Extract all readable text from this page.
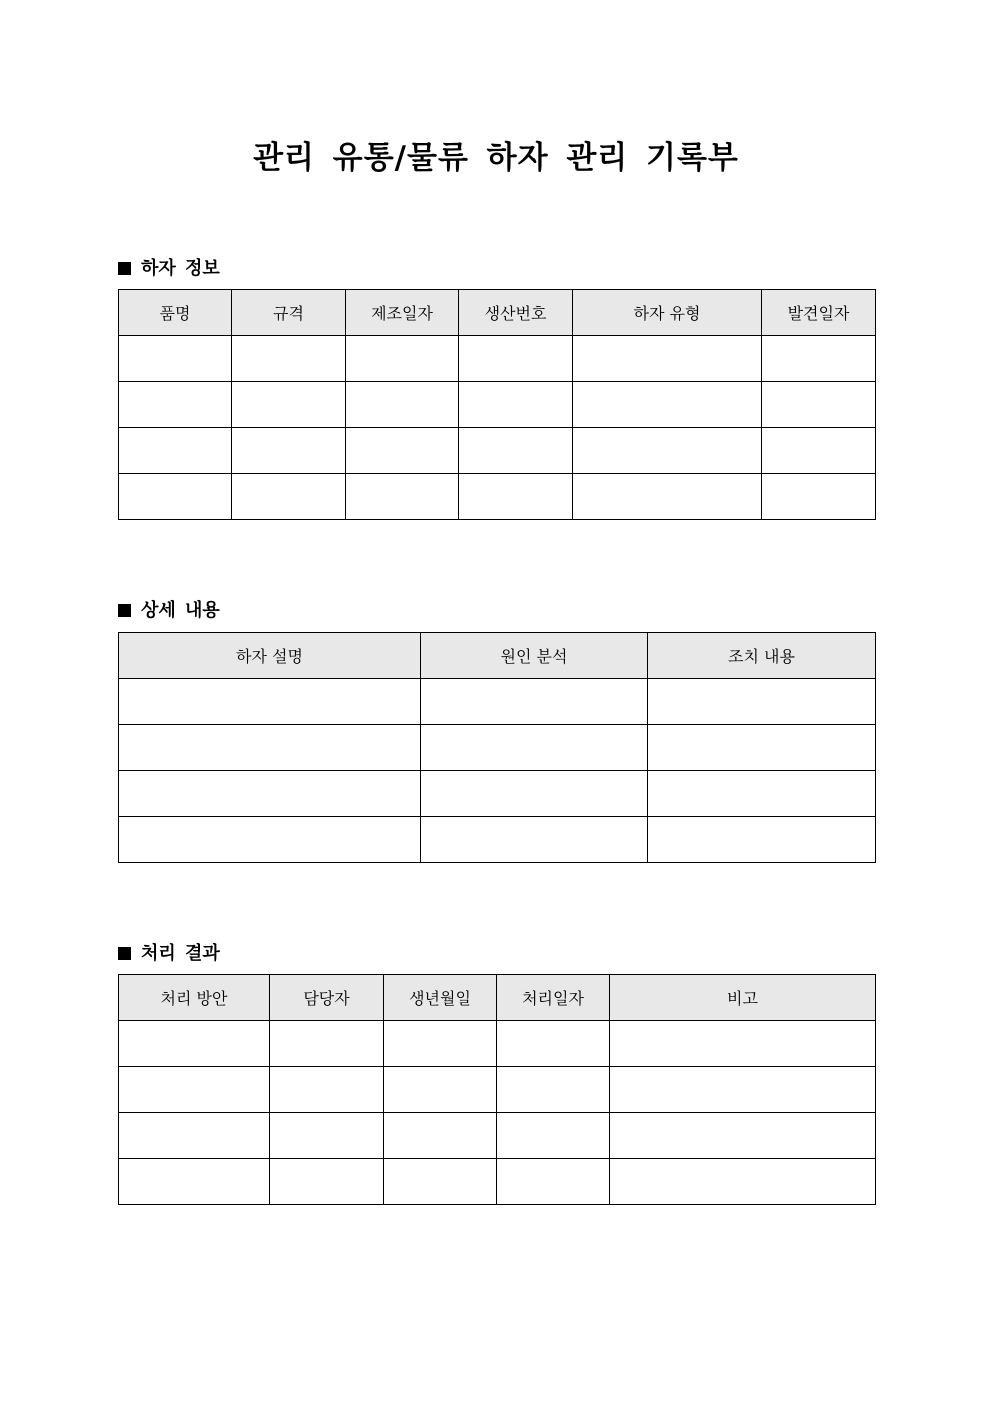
관리 유통/물류 하자 관리 기록부
하자 정보
품명	규격	제조일자	생산번호	하자 유형	발견일자

상세 내용
하자 설명	원인 분석	조치 내용

처리 결과
처리 방안	담당자	생년월일	처리일자	비고
